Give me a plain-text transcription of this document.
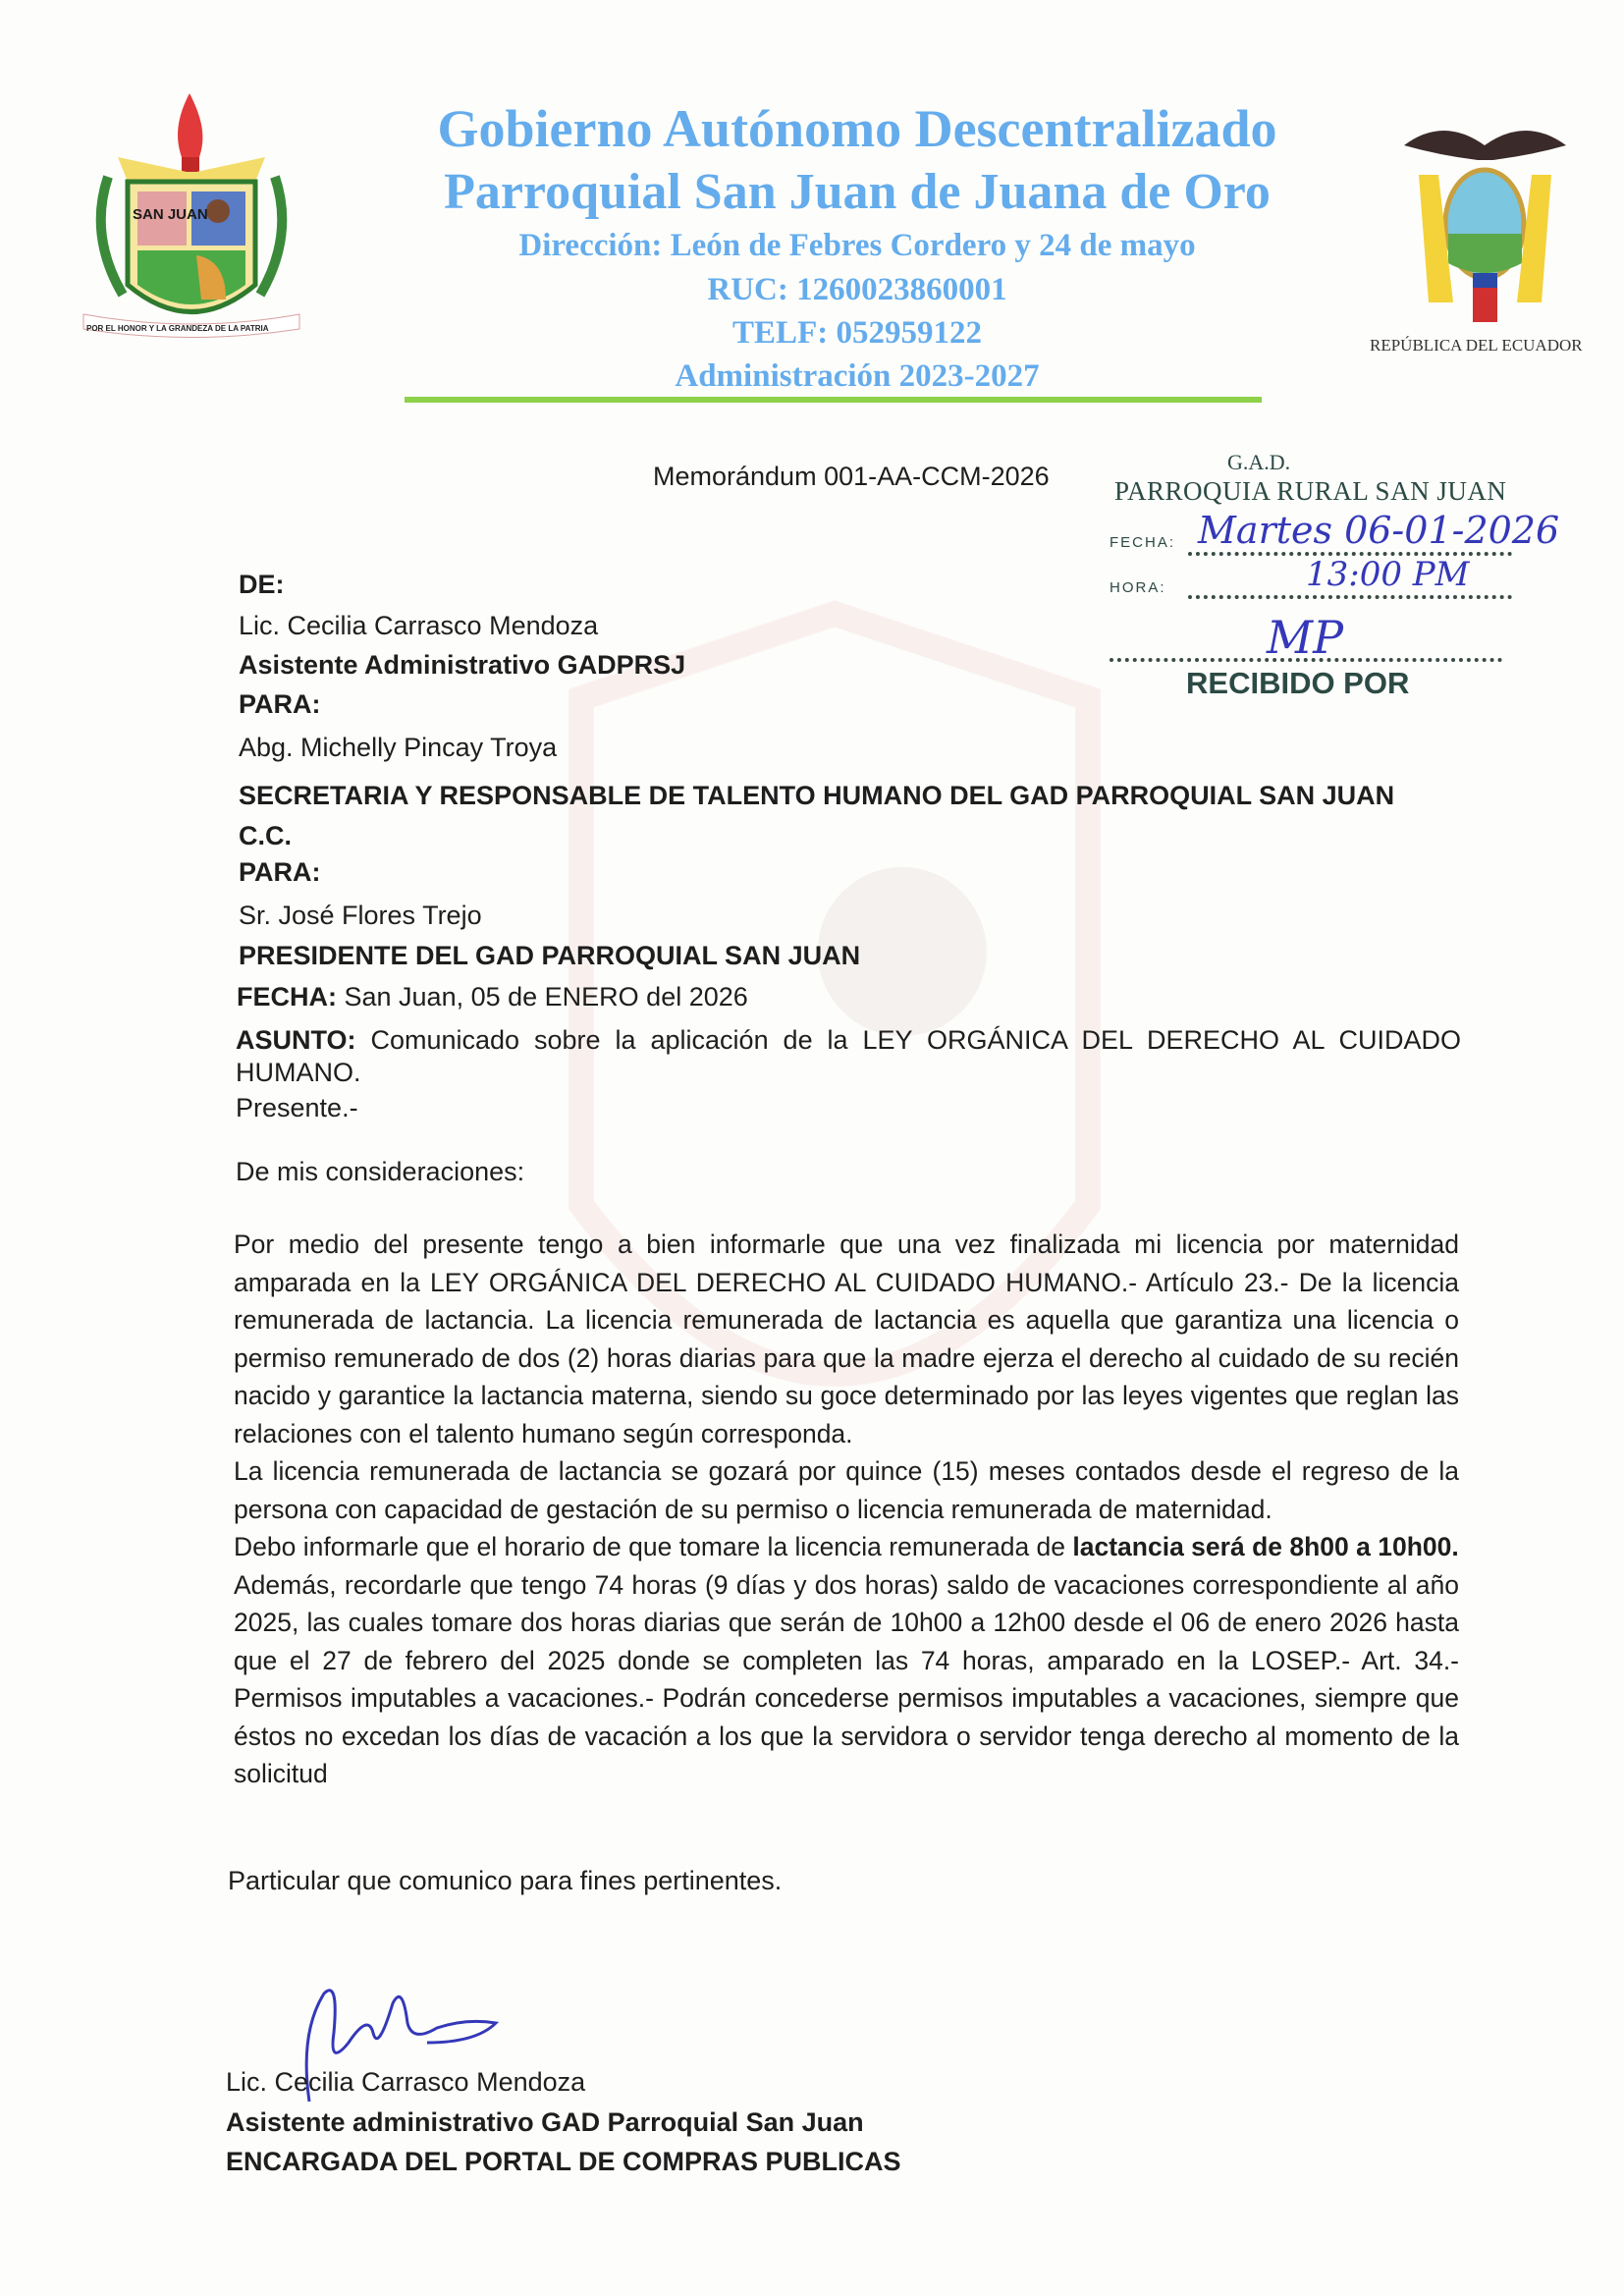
SAN JUAN
POR EL HONOR Y LA GRANDEZA DE LA PATRIA
REPÚBLICA DEL ECUADOR
Gobierno Autónomo Descentralizado
Parroquial San Juan de Juana de Oro
Dirección: León de Febres Cordero y 24 de mayo
RUC: 1260023860001
TELF: 052959122
Administración 2023-2027
Memorándum 001-AA-CCM-2026	G.A.D.
PARROQUIA RURAL SAN JUAN
FECHA: Martes 06-01-2026
HORA:	13:00 PM
MP
RECIBIDO POR
DE:
Lic. Cecilia Carrasco Mendoza
Asistente Administrativo GADPRSJ
PARA:
Abg. Michelly Pincay Troya
SECRETARIA Y RESPONSABLE DE TALENTO HUMANO DEL GAD PARROQUIAL SAN JUAN
C.C.
PARA:
Sr. José Flores Trejo
PRESIDENTE DEL GAD PARROQUIAL SAN JUAN
FECHA: San Juan, 05 de ENERO del 2026
ASUNTO: Comunicado sobre la aplicación de la LEY ORGÁNICA DEL DERECHO AL CUIDADO HUMANO.
Presente.-
De mis consideraciones:

Por medio del presente tengo a bien informarle que una vez finalizada mi licencia por maternidad amparada en la LEY ORGÁNICA DEL DERECHO AL CUIDADO HUMANO.- Artículo 23.- De la licencia remunerada de lactancia. La licencia remunerada de lactancia es aquella que garantiza una licencia o permiso remunerado de dos (2) horas diarias para que la madre ejerza el derecho al cuidado de su recién nacido y garantice la lactancia materna, siendo su goce determinado por las leyes vigentes que reglan las relaciones con el talento humano según corresponda.

La licencia remunerada de lactancia se gozará por quince (15) meses contados desde el regreso de la persona con capacidad de gestación de su permiso o licencia remunerada de maternidad.

Debo informarle que el horario de que tomare la licencia remunerada de lactancia será de 8h00 a 10h00.

Además, recordarle que tengo 74 horas (9 días y dos horas) saldo de vacaciones correspondiente al año 2025, las cuales tomare dos horas diarias que serán de 10h00 a 12h00 desde el 06 de enero 2026 hasta que el 27 de febrero del 2025 donde se completen las 74 horas, amparado en la LOSEP.- Art. 34.- Permisos imputables a vacaciones.- Podrán concederse permisos imputables a vacaciones, siempre que éstos no excedan los días de vacación a los que la servidora o servidor tenga derecho al momento de la solicitud

Particular que comunico para fines pertinentes.
Lic. Cecilia Carrasco Mendoza
Asistente administrativo GAD Parroquial San Juan
ENCARGADA DEL PORTAL DE COMPRAS PUBLICAS
